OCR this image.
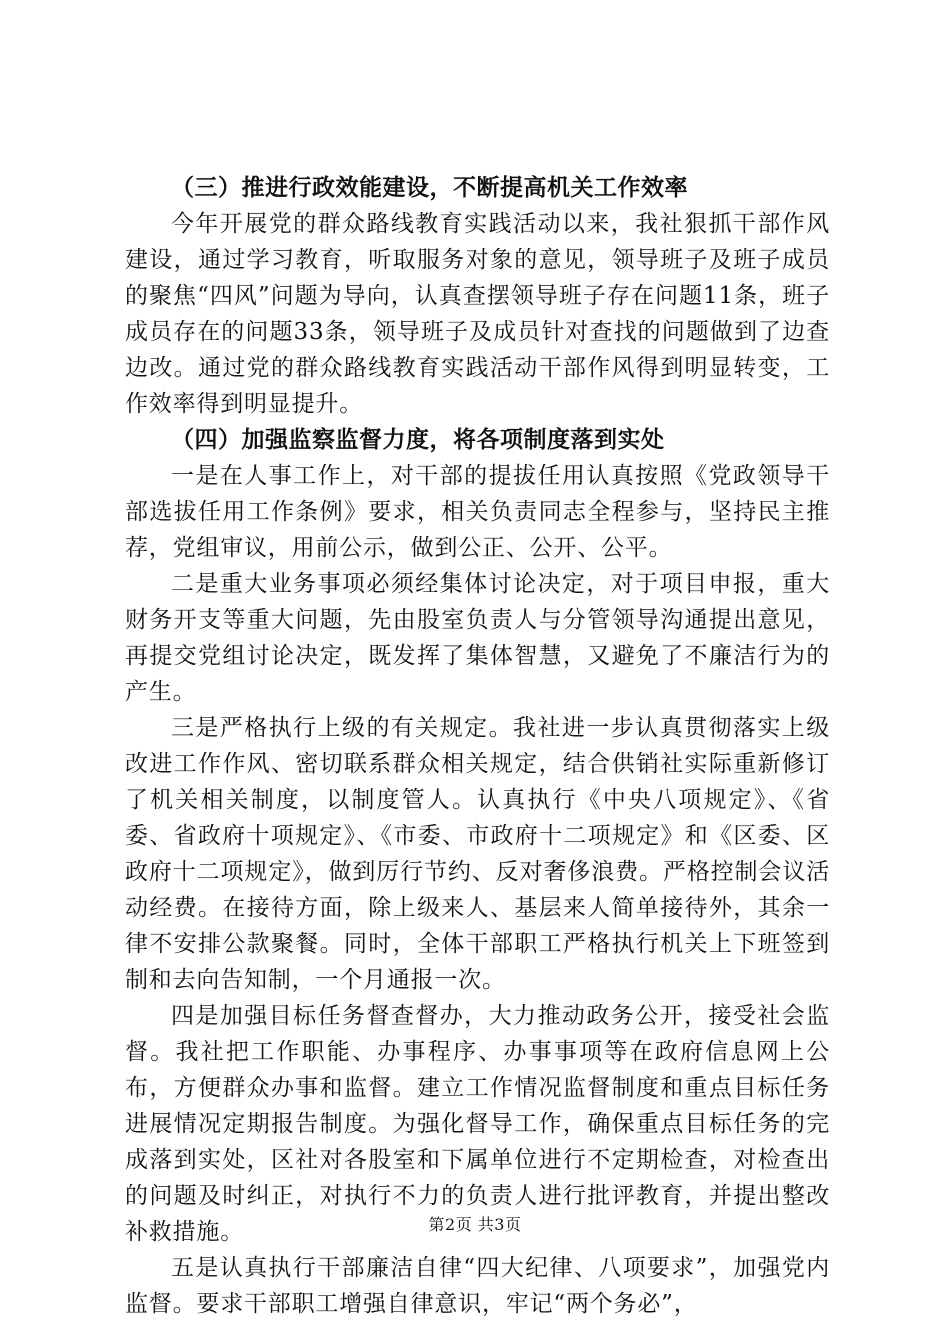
（三）推进行政效能建设，不断提高机关工作效率

今年开展党的群众路线教育实践活动以来，我社狠抓干部作风建设，通过学习教育，听取服务对象的意见，领导班子及班子成员的聚焦“四风”问题为导向，认真查摆领导班子存在问题11条，班子成员存在的问题33条，领导班子及成员针对查找的问题做到了边查边改。通过党的群众路线教育实践活动干部作风得到明显转变，工作效率得到明显提升。

（四）加强监察监督力度，将各项制度落到实处

一是在人事工作上，对干部的提拔任用认真按照《党政领导干部选拔任用工作条例》要求，相关负责同志全程参与，坚持民主推荐，党组审议，用前公示，做到公正、公开、公平。

二是重大业务事项必须经集体讨论决定，对于项目申报，重大财务开支等重大问题，先由股室负责人与分管领导沟通提出意见，再提交党组讨论决定，既发挥了集体智慧，又避免了不廉洁行为的产生。

三是严格执行上级的有关规定。我社进一步认真贯彻落实上级改进工作作风、密切联系群众相关规定，结合供销社实际重新修订了机关相关制度，以制度管人。认真执行《中央八项规定》、《省委、省政府十项规定》、《市委、市政府十二项规定》和《区委、区政府十二项规定》，做到厉行节约、反对奢侈浪费。严格控制会议活动经费。在接待方面，除上级来人、基层来人简单接待外，其余一律不安排公款聚餐。同时，全体干部职工严格执行机关上下班签到制和去向告知制，一个月通报一次。

四是加强目标任务督查督办，大力推动政务公开，接受社会监督。我社把工作职能、办事程序、办事事项等在政府信息网上公布，方便群众办事和监督。建立工作情况监督制度和重点目标任务进展情况定期报告制度。为强化督导工作，确保重点目标任务的完成落到实处，区社对各股室和下属单位进行不定期检查，对检查出的问题及时纠正，对执行不力的负责人进行批评教育，并提出整改补救措施。

五是认真执行干部廉洁自律“四大纪律、八项要求”，加强党内监督。要求干部职工增强自律意识，牢记“两个务必”，

第2页 共3页
